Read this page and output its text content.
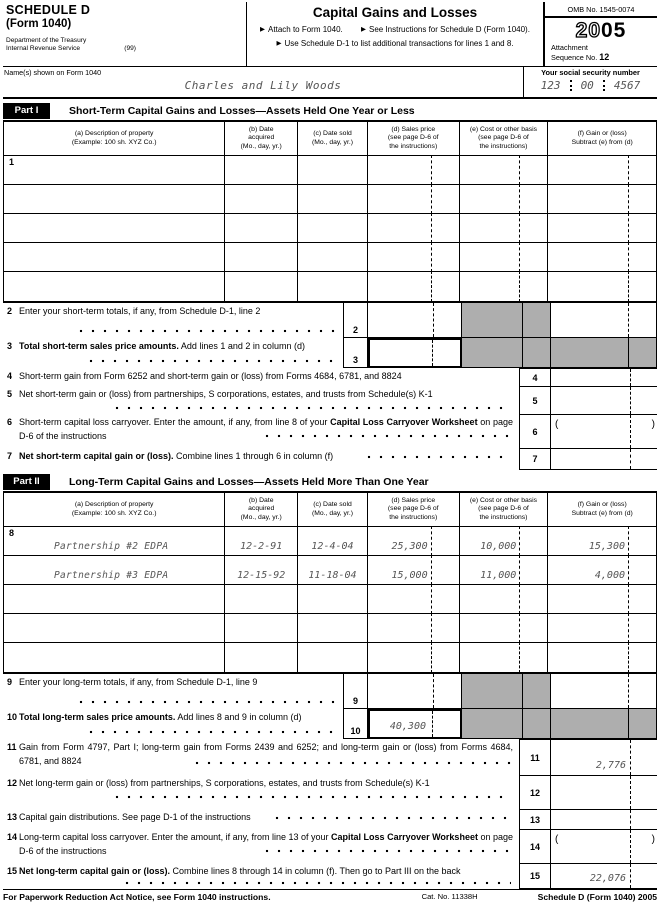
SCHEDULE D
(Form 1040)
Department of the Treasury
Internal Revenue Service	(99)
Capital Gains and Losses
▶ Attach to Form 1040.	▶ See Instructions for Schedule D (Form 1040).
▶ Use Schedule D-1 to list additional transactions for lines 1 and 8.
OMB No. 1545-0074
2005
Attachment
Sequence No. 12
Name(s) shown on Form 1040
Charles and Lily Woods
Your social security number
123 00 4567
Part I	Short-Term Capital Gains and Losses—Assets Held One Year or Less
(a) Description of property
(Example: 100 sh. XYZ Co.)
(b) Date
acquired
(Mo., day, yr.)
(c) Date sold
(Mo., day, yr.)
(d) Sales price
(see page D-6 of
the instructions)
(e) Cost or other basis
(see page D-6 of
the instructions)
(f) Gain or (loss)
Subtract (e) from (d)
1
2 Enter your short-term totals, if any, from Schedule D-1, line 2
2
3 Total short-term sales price amounts. Add lines 1 and 2 in column (d)
3
4 Short-term gain from Form 6252 and short-term gain or (loss) from Forms 4684, 6781, and 8824	4
5 Net short-term gain or (loss) from partnerships, S corporations, estates, and trusts from Schedule(s) K-1
5
6 Short-term capital loss carryover. Enter the amount, if any, from line 8 of your Capital Loss Carryover Worksheet on page D-6 of the instructions	6
(	)
7 Net short-term capital gain or (loss). Combine lines 1 through 6 in column (f)	7
Part II	Long-Term Capital Gains and Losses—Assets Held More Than One Year
(a) Description of property
(Example: 100 sh. XYZ Co.)
(b) Date
acquired
(Mo., day, yr.)
(c) Date sold
(Mo., day, yr.)
(d) Sales price
(see page D-6 of
the instructions)
(e) Cost or other basis
(see page D-6 of
the instructions)
(f) Gain or (loss)
Subtract (e) from (d)
8
Partnership #2 EDPA	12-2-91	12-4-04	25,300	10,000	15,300
Partnership #3 EDPA	12-15-92	11-18-04	15,000	11,000	4,000
9 Enter your long-term totals, if any, from Schedule D-1, line 9
9
10 Total long-term sales price amounts. Add lines 8 and 9 in column (d)
10	40,300
11 Gain from Form 4797, Part I; long-term gain from Forms 2439 and 6252; and long-term gain or (loss) from Forms 4684, 6781, and 8824	11
2,776
12 Net long-term gain or (loss) from partnerships, S corporations, estates, and trusts from Schedule(s) K-1
12
13 Capital gain distributions. See page D-1 of the instructions	13
14 Long-term capital loss carryover. Enter the amount, if any, from line 13 of your Capital Loss Carryover Worksheet on page D-6 of the instructions	14
(	)
15 Net long-term capital gain or (loss). Combine lines 8 through 14 in column (f). Then go to Part III on the back	15	22,076
For Paperwork Reduction Act Notice, see Form 1040 instructions.	Cat. No. 11338H	Schedule D (Form 1040) 2005
